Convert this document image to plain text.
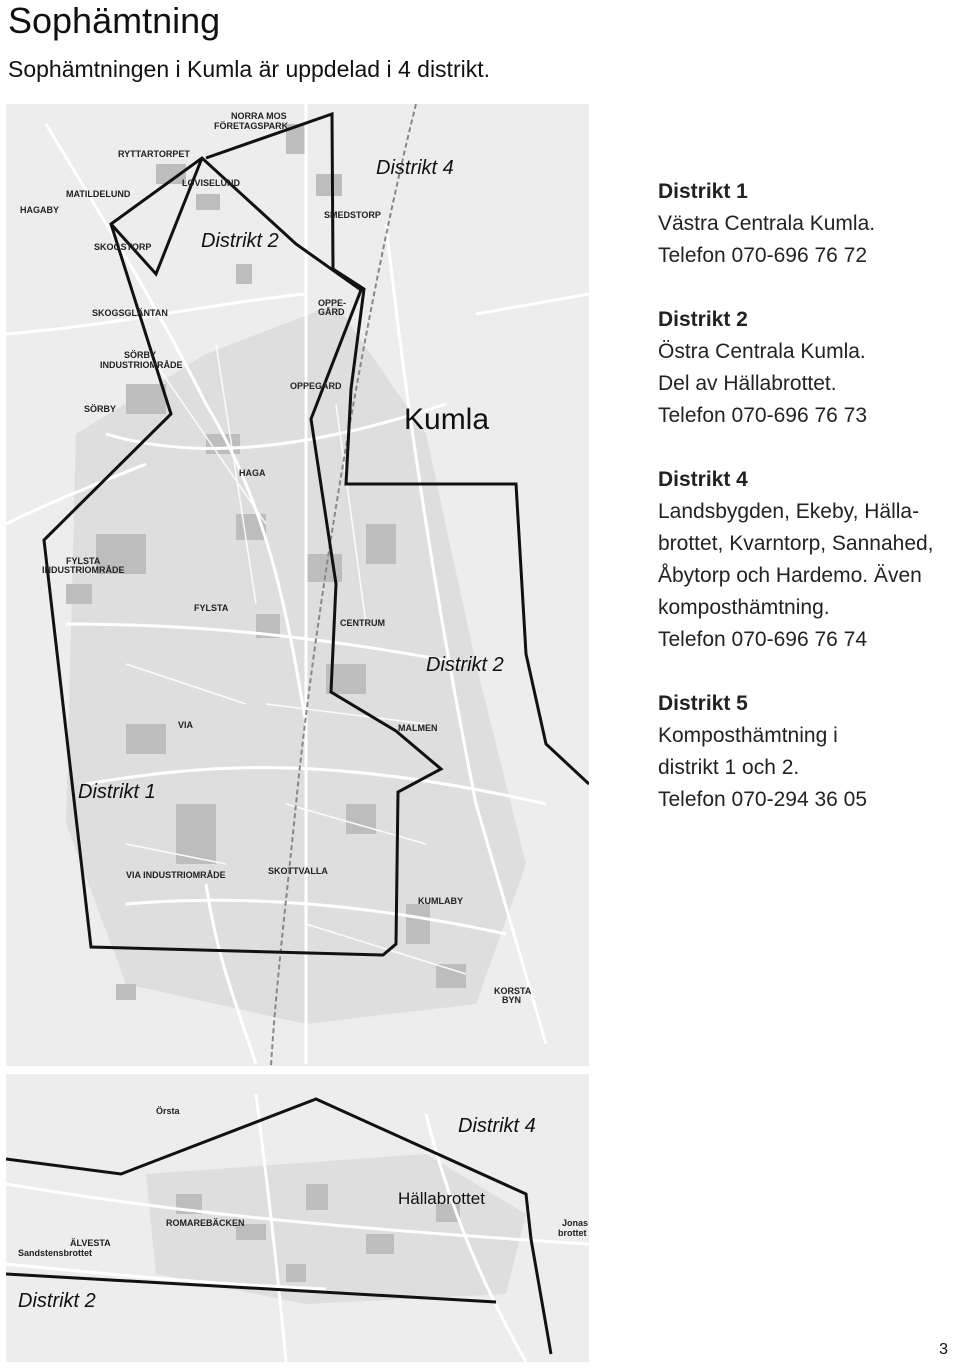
Sophämtning

Sophämtningen i Kumla är uppdelad i 4 distrikt.

Distrikt 4
Distrikt 2
Distrikt 2
Distrikt 1
Kumla
NORRA MOS
FÖRETAGSPARK
RYTTARTORPET
MATILDELUND
LOVISELUND
HAGABY
SKOGSTORP
SMEDSTORP
OPPE-
GÅRD
SKOGSGLÄNTAN
SÖRBY
INDUSTRIOMRÅDE
OPPEGÅRD
SÖRBY
HAGA
FYLSTA
INDUSTRIOMRÅDE
FYLSTA
CENTRUM
VIA	MALMEN
VIA INDUSTRIOMRÅDE	SKOTTVALLA
KUMLABY
KORSTA
BYN
Distrikt 4
Distrikt 2
Hällabrottet
Örsta
ROMAREBÄCKEN
ÄLVESTA
Sandstensbrottet
Jonas
brottet
Distrikt 1

Västra Centrala Kumla.

Telefon 070-696 76 72

Distrikt 2

Östra Centrala Kumla.

Del av Hällabrottet.

Telefon 070-696 76 73

Distrikt 4

Landsbygden, Ekeby, Hälla-

brottet, Kvarntorp, Sannahed,

Åbytorp och Hardemo. Även

komposthämtning.

Telefon 070-696 76 74

Distrikt 5

Komposthämtning i

distrikt 1 och 2.

Telefon 070-294 36 05

3
